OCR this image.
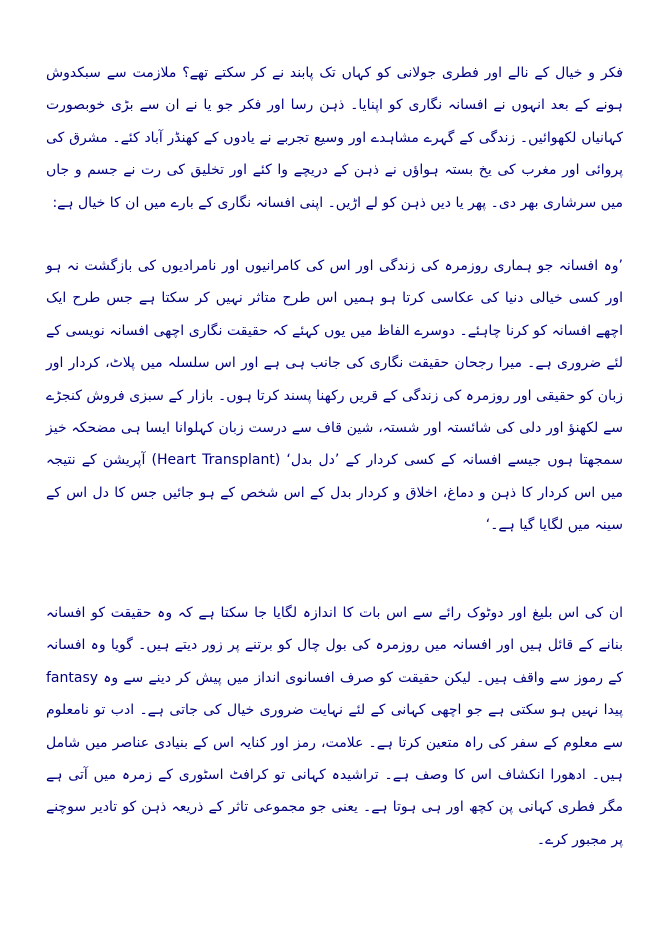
فکر و خیال کے نالے اور فطری جولانی کو کہاں تک پابند نے کر سکتے تھے؟ ملازمت سے سبکدوش ہونے کے بعد انہوں نے افسانہ نگاری کو اپنایا۔ ذہن رسا اور فکر جو یا نے ان سے بڑی خوبصورت کہانیاں لکھوائیں۔ زندگی کے گہرے مشاہدے اور وسیع تجربے نے یادوں کے کھنڈر آباد کئے۔ مشرق کی پروائی اور مغرب کی یخ بستہ ہواؤں نے ذہن کے دریچے وا کئے اور تخلیق کی رت نے جسم و جاں میں سرشاری بھر دی۔ پھر یا دیں ذہن کو لے اڑیں۔ اپنی افسانہ نگاری کے بارے میں ان کا خیال ہے:

’وہ افسانہ جو ہماری روزمرہ کی زندگی اور اس کی کامرانیوں اور نامرادیوں کی بازگشت نہ ہو اور کسی خیالی دنیا کی عکاسی کرتا ہو ہمیں اس طرح متاثر نہیں کر سکتا ہے جس طرح ایک اچھے افسانہ کو کرنا چاہئے۔ دوسرے الفاظ میں یوں کہئے کہ حقیقت نگاری اچھی افسانہ نویسی کے لئے ضروری ہے۔ میرا رجحان حقیقت نگاری کی جانب ہی ہے اور اس سلسلہ میں پلاٹ، کردار اور زبان کو حقیقی اور روزمرہ کی زندگی کے قریں رکھنا پسند کرتا ہوں۔ بازار کے سبزی فروش کنجڑے سے لکھنؤ اور دلی کی شائستہ اور شستہ، شین قاف سے درست زبان کہلوانا ایسا ہی مضحکہ خیز سمجھتا ہوں جیسے افسانہ کے کسی کردار کے ’دل بدل‘ (Heart Transplant) آپریشن کے نتیجہ میں اس کردار کا ذہن و دماغ، اخلاق و کردار بدل کے اس شخص کے ہو جائیں جس کا دل اس کے سینہ میں لگایا گیا ہے۔‘

ان کی اس بلیغ اور دوٹوک رائے سے اس بات کا اندازہ لگایا جا سکتا ہے کہ وہ حقیقت کو افسانہ بنانے کے قائل ہیں اور افسانہ میں روزمرہ کی بول چال کو برتنے پر زور دیتے ہیں۔ گویا وہ افسانہ کے رموز سے واقف ہیں۔ لیکن حقیقت کو صرف افسانوی انداز میں پیش کر دینے سے وہ fantasy پیدا نہیں ہو سکتی ہے جو اچھی کہانی کے لئے نہایت ضروری خیال کی جاتی ہے۔ ادب تو نامعلوم سے معلوم کے سفر کی راہ متعین کرتا ہے۔ علامت، رمز اور کنایہ اس کے بنیادی عناصر میں شامل ہیں۔ ادھورا انکشاف اس کا وصف ہے۔ تراشیدہ کہانی تو کرافٹ اسٹوری کے زمرہ میں آتی ہے مگر فطری کہانی پن کچھ اور ہی ہوتا ہے۔ یعنی جو مجموعی تاثر کے ذریعہ ذہن کو تادیر سوچنے پر مجبور کرے۔
